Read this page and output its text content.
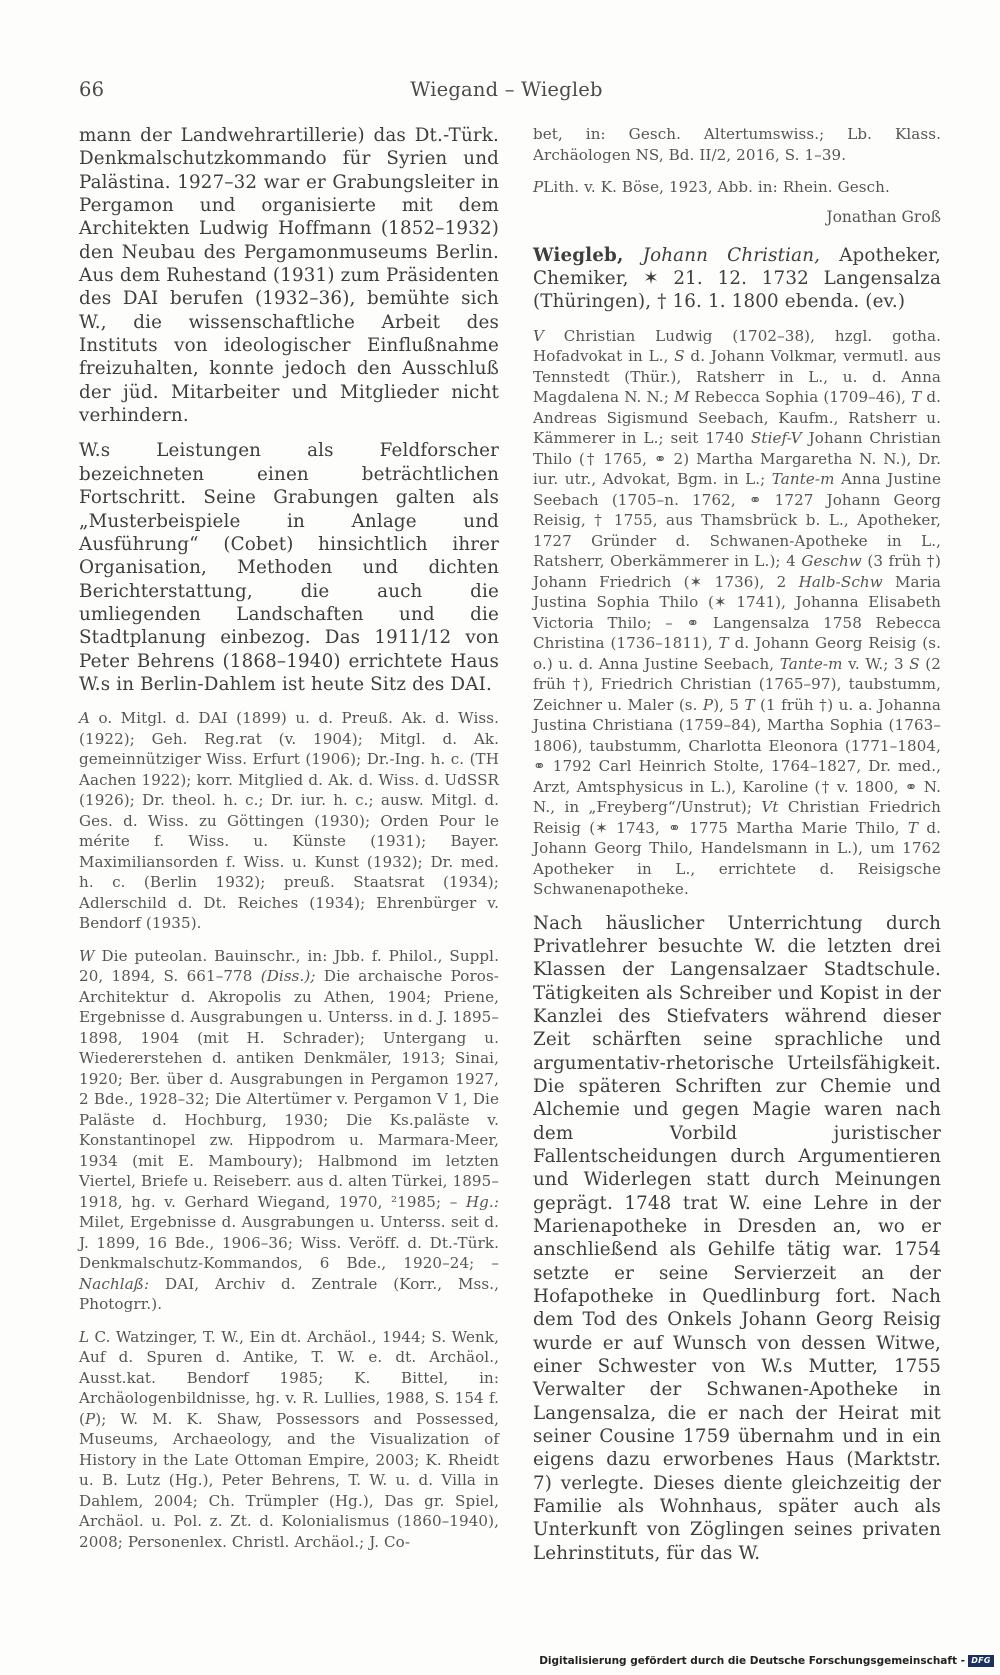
66	Wiegand – Wiegleb

mann der Landwehrartillerie) das Dt.-Türk. Denkmalschutzkommando für Syrien und Palästina. 1927–32 war er Grabungsleiter in Pergamon und organisierte mit dem Architekten Ludwig Hoffmann (1852–1932) den Neubau des Pergamonmuseums Berlin. Aus dem Ruhestand (1931) zum Präsidenten des DAI berufen (1932–36), bemühte sich W., die wissenschaftliche Arbeit des Instituts von ideologischer Einflußnahme freizuhalten, konnte jedoch den Ausschluß der jüd. Mitarbeiter und Mitglieder nicht verhindern.

W.s Leistungen als Feldforscher bezeichneten einen beträchtlichen Fortschritt. Seine Grabungen galten als „Musterbeispiele in Anlage und Ausführung“ (Cobet) hinsichtlich ihrer Organisation, Methoden und dichten Berichterstattung, die auch die umliegenden Landschaften und die Stadtplanung einbezog. Das 1911/12 von Peter Behrens (1868–1940) errichtete Haus W.s in Berlin-Dahlem ist heute Sitz des DAI.

A o. Mitgl. d. DAI (1899) u. d. Preuß. Ak. d. Wiss. (1922); Geh. Reg.rat (v. 1904); Mitgl. d. Ak. gemeinnütziger Wiss. Erfurt (1906); Dr.-Ing. h. c. (TH Aachen 1922); korr. Mitglied d. Ak. d. Wiss. d. UdSSR (1926); Dr. theol. h. c.; Dr. iur. h. c.; ausw. Mitgl. d. Ges. d. Wiss. zu Göttingen (1930); Orden Pour le mérite f. Wiss. u. Künste (1931); Bayer. Maximiliansorden f. Wiss. u. Kunst (1932); Dr. med. h. c. (Berlin 1932); preuß. Staatsrat (1934); Adlerschild d. Dt. Reiches (1934); Ehrenbürger v. Bendorf (1935).

W Die puteolan. Bauinschr., in: Jbb. f. Philol., Suppl. 20, 1894, S. 661–778 (Diss.); Die archaische Poros-Architektur d. Akropolis zu Athen, 1904; Priene, Ergebnisse d. Ausgrabungen u. Unterss. in d. J. 1895–1898, 1904 (mit H. Schrader); Untergang u. Wiedererstehen d. antiken Denkmäler, 1913; Sinai, 1920; Ber. über d. Ausgrabungen in Pergamon 1927, 2 Bde., 1928–32; Die Altertümer v. Pergamon V 1, Die Paläste d. Hochburg, 1930; Die Ks.paläste v. Konstantinopel zw. Hippodrom u. Marmara-Meer, 1934 (mit E. Mamboury); Halbmond im letzten Viertel, Briefe u. Reiseberr. aus d. alten Türkei, 1895–1918, hg. v. Gerhard Wiegand, 1970, ²1985; – Hg.: Milet, Ergebnisse d. Ausgrabungen u. Unterss. seit d. J. 1899, 16 Bde., 1906–36; Wiss. Veröff. d. Dt.-Türk. Denkmalschutz-Kommandos, 6 Bde., 1920–24; – Nachlaß: DAI, Archiv d. Zentrale (Korr., Mss., Photogrr.).

L C. Watzinger, T. W., Ein dt. Archäol., 1944; S. Wenk, Auf d. Spuren d. Antike, T. W. e. dt. Archäol., Ausst.kat. Bendorf 1985; K. Bittel, in: Archäologenbildnisse, hg. v. R. Lullies, 1988, S. 154 f. (P); W. M. K. Shaw, Possessors and Possessed, Museums, Archaeology, and the Visualization of History in the Late Ottoman Empire, 2003; K. Rheidt u. B. Lutz (Hg.), Peter Behrens, T. W. u. d. Villa in Dahlem, 2004; Ch. Trümpler (Hg.), Das gr. Spiel, Archäol. u. Pol. z. Zt. d. Kolonialismus (1860–1940), 2008; Personenlex. Christl. Archäol.; J. Co-

bet, in: Gesch. Altertumswiss.; Lb. Klass. Archäologen NS, Bd. II/2, 2016, S. 1–39.

PLith. v. K. Böse, 1923, Abb. in: Rhein. Gesch.

Jonathan Groß

Wiegleb, Johann Christian, Apotheker, Chemiker, ✶ 21. 12. 1732 Langensalza (Thüringen), † 16. 1. 1800 ebenda. (ev.)

V Christian Ludwig (1702–38), hzgl. gotha. Hofadvokat in L., S d. Johann Volkmar, vermutl. aus Tennstedt (Thür.), Ratsherr in L., u. d. Anna Magdalena N. N.; M Rebecca Sophia (1709–46), T d. Andreas Sigismund Seebach, Kaufm., Ratsherr u. Kämmerer in L.; seit 1740 Stief-V Johann Christian Thilo († 1765, ⚭ 2) Martha Margaretha N. N.), Dr. iur. utr., Advokat, Bgm. in L.; Tante-m Anna Justine Seebach (1705–n. 1762, ⚭ 1727 Johann Georg Reisig, † 1755, aus Thamsbrück b. L., Apotheker, 1727 Gründer d. Schwanen-Apotheke in L., Ratsherr, Oberkämmerer in L.); 4 Geschw (3 früh †) Johann Friedrich (✶ 1736), 2 Halb-Schw Maria Justina Sophia Thilo (✶ 1741), Johanna Elisabeth Victoria Thilo; – ⚭ Langensalza 1758 Rebecca Christina (1736–1811), T d. Johann Georg Reisig (s. o.) u. d. Anna Justine Seebach, Tante-m v. W.; 3 S (2 früh †), Friedrich Christian (1765–97), taubstumm, Zeichner u. Maler (s. P), 5 T (1 früh †) u. a. Johanna Justina Christiana (1759–84), Martha Sophia (1763–1806), taubstumm, Charlotta Eleonora (1771–1804, ⚭ 1792 Carl Heinrich Stolte, 1764–1827, Dr. med., Arzt, Amtsphysicus in L.), Karoline († v. 1800, ⚭ N. N., in „Freyberg“/Unstrut); Vt Christian Friedrich Reisig (✶ 1743, ⚭ 1775 Martha Marie Thilo, T d. Johann Georg Thilo, Handelsmann in L.), um 1762 Apotheker in L., errichtete d. Reisigsche Schwanenapotheke.

Nach häuslicher Unterrichtung durch Privatlehrer besuchte W. die letzten drei Klassen der Langensalzaer Stadtschule. Tätigkeiten als Schreiber und Kopist in der Kanzlei des Stiefvaters während dieser Zeit schärften seine sprachliche und argumentativ-rhetorische Urteilsfähigkeit. Die späteren Schriften zur Chemie und Alchemie und gegen Magie waren nach dem Vorbild juristischer Fallentscheidungen durch Argumentieren und Widerlegen statt durch Meinungen geprägt. 1748 trat W. eine Lehre in der Marienapotheke in Dresden an, wo er anschließend als Gehilfe tätig war. 1754 setzte er seine Servierzeit an der Hofapotheke in Quedlinburg fort. Nach dem Tod des Onkels Johann Georg Reisig wurde er auf Wunsch von dessen Witwe, einer Schwester von W.s Mutter, 1755 Verwalter der Schwanen-Apotheke in Langensalza, die er nach der Heirat mit seiner Cousine 1759 übernahm und in ein eigens dazu erworbenes Haus (Marktstr. 7) verlegte. Dieses diente gleichzeitig der Familie als Wohnhaus, später auch als Unterkunft von Zöglingen seines privaten Lehrinstituts, für das W.

Digitalisierung gefördert durch die Deutsche Forschungsgemeinschaft - DFG
